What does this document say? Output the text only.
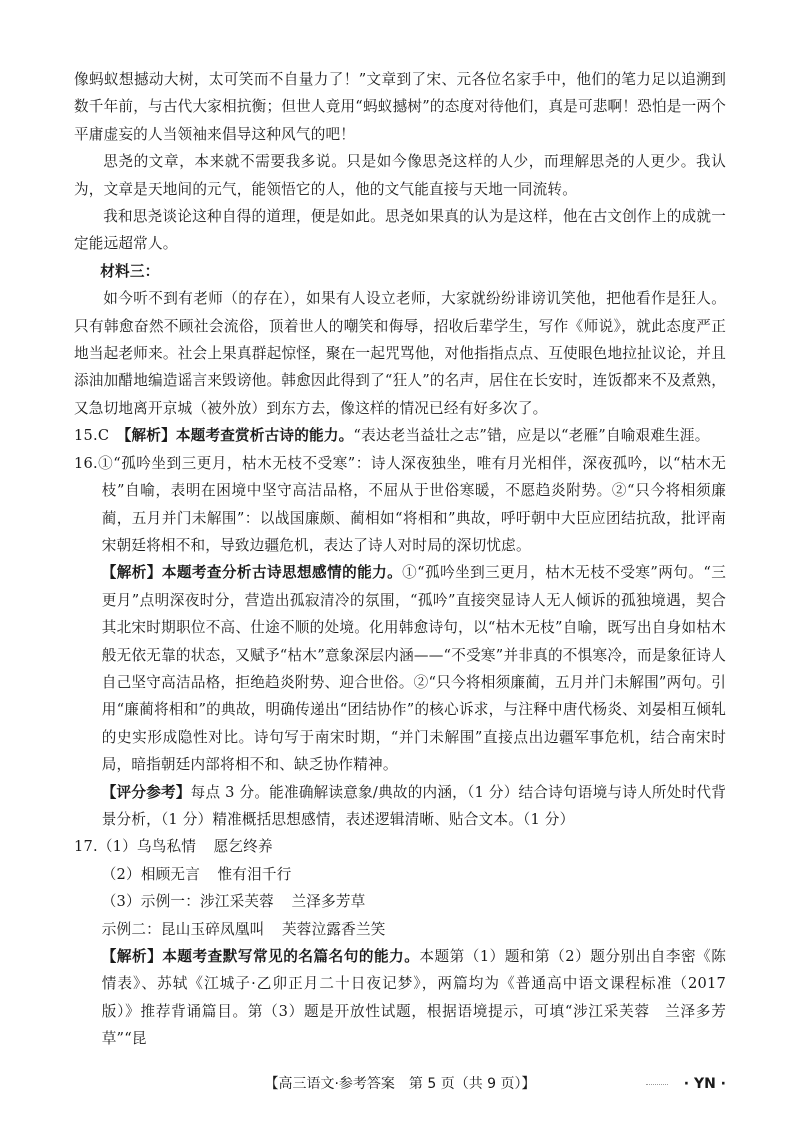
像蚂蚁想撼动大树，太可笑而不自量力了！”文章到了宋、元各位名家手中，他们的笔力足以追溯到数千年前，与古代大家相抗衡；但世人竟用“蚂蚁撼树”的态度对待他们，真是可悲啊！恐怕是一两个平庸虚妄的人当领袖来倡导这种风气的吧！

思尧的文章，本来就不需要我多说。只是如今像思尧这样的人少，而理解思尧的人更少。我认为，文章是天地间的元气，能领悟它的人，他的文气能直接与天地一同流转。

我和思尧谈论这种自得的道理，便是如此。思尧如果真的认为是这样，他在古文创作上的成就一定能远超常人。

材料三：

如今听不到有老师（的存在），如果有人设立老师，大家就纷纷诽谤讥笑他，把他看作是狂人。只有韩愈奋然不顾社会流俗，顶着世人的嘲笑和侮辱，招收后辈学生，写作《师说》，就此态度严正地当起老师来。社会上果真群起惊怪，聚在一起咒骂他，对他指指点点、互使眼色地拉扯议论，并且添油加醋地编造谣言来毁谤他。韩愈因此得到了“狂人”的名声，居住在长安时，连饭都来不及煮熟，又急切地离开京城（被外放）到东方去，像这样的情况已经有好多次了。

15.C　 【解析】本题考查赏析古诗的能力。“表达老当益壮之志”错，应是以“老雁”自喻艰难生涯。

16.①“孤吟坐到三更月，枯木无枝不受寒”：诗人深夜独坐，唯有月光相伴，深夜孤吟，以“枯木无枝”自喻，表明在困境中坚守高洁品格，不屈从于世俗寒暖，不愿趋炎附势。②“只今将相须廉蔺，五月并门未解围”：以战国廉颇、蔺相如“将相和”典故，呼吁朝中大臣应团结抗敌，批评南宋朝廷将相不和，导致边疆危机，表达了诗人对时局的深切忧虑。

【解析】本题考查分析古诗思想感情的能力。①“孤吟坐到三更月，枯木无枝不受寒”两句。“三更月”点明深夜时分，营造出孤寂清冷的氛围，“孤吟”直接突显诗人无人倾诉的孤独境遇，契合其北宋时期职位不高、仕途不顺的处境。化用韩愈诗句，以“枯木无枝”自喻，既写出自身如枯木般无依无靠的状态，又赋予“枯木”意象深层内涵——“不受寒”并非真的不惧寒冷，而是象征诗人自己坚守高洁品格，拒绝趋炎附势、迎合世俗。②“只今将相须廉蔺，五月并门未解围”两句。引用“廉蔺将相和”的典故，明确传递出“团结协作”的核心诉求，与注释中唐代杨炎、刘晏相互倾轧的史实形成隐性对比。诗句写于南宋时期，“并门未解围”直接点出边疆军事危机，结合南宋时局，暗指朝廷内部将相不和、缺乏协作精神。

【评分参考】每点 3 分。能准确解读意象/典故的内涵，（1 分）结合诗句语境与诗人所处时代背景分析，（1 分）精准概括思想感情，表述逻辑清晰、贴合文本。（1 分）

17.（1）乌鸟私情 愿乞终养

（2）相顾无言 惟有泪千行

（3）示例一：涉江采芙蓉 兰泽多芳草

示例二：昆山玉碎凤凰叫 芙蓉泣露香兰笑

【解析】本题考查默写常见的名篇名句的能力。本题第（1）题和第（2）题分别出自李密《陈情表》、苏轼《江城子·乙卯正月二十日夜记梦》，两篇均为《普通高中语文课程标准（2017 版）》推荐背诵篇目。第（3）题是开放性试题，根据语境提示，可填“涉江采芙蓉　兰泽多芳草”“昆

【高三语文·参考答案　第 5 页（共 9 页）】	· YN ·
